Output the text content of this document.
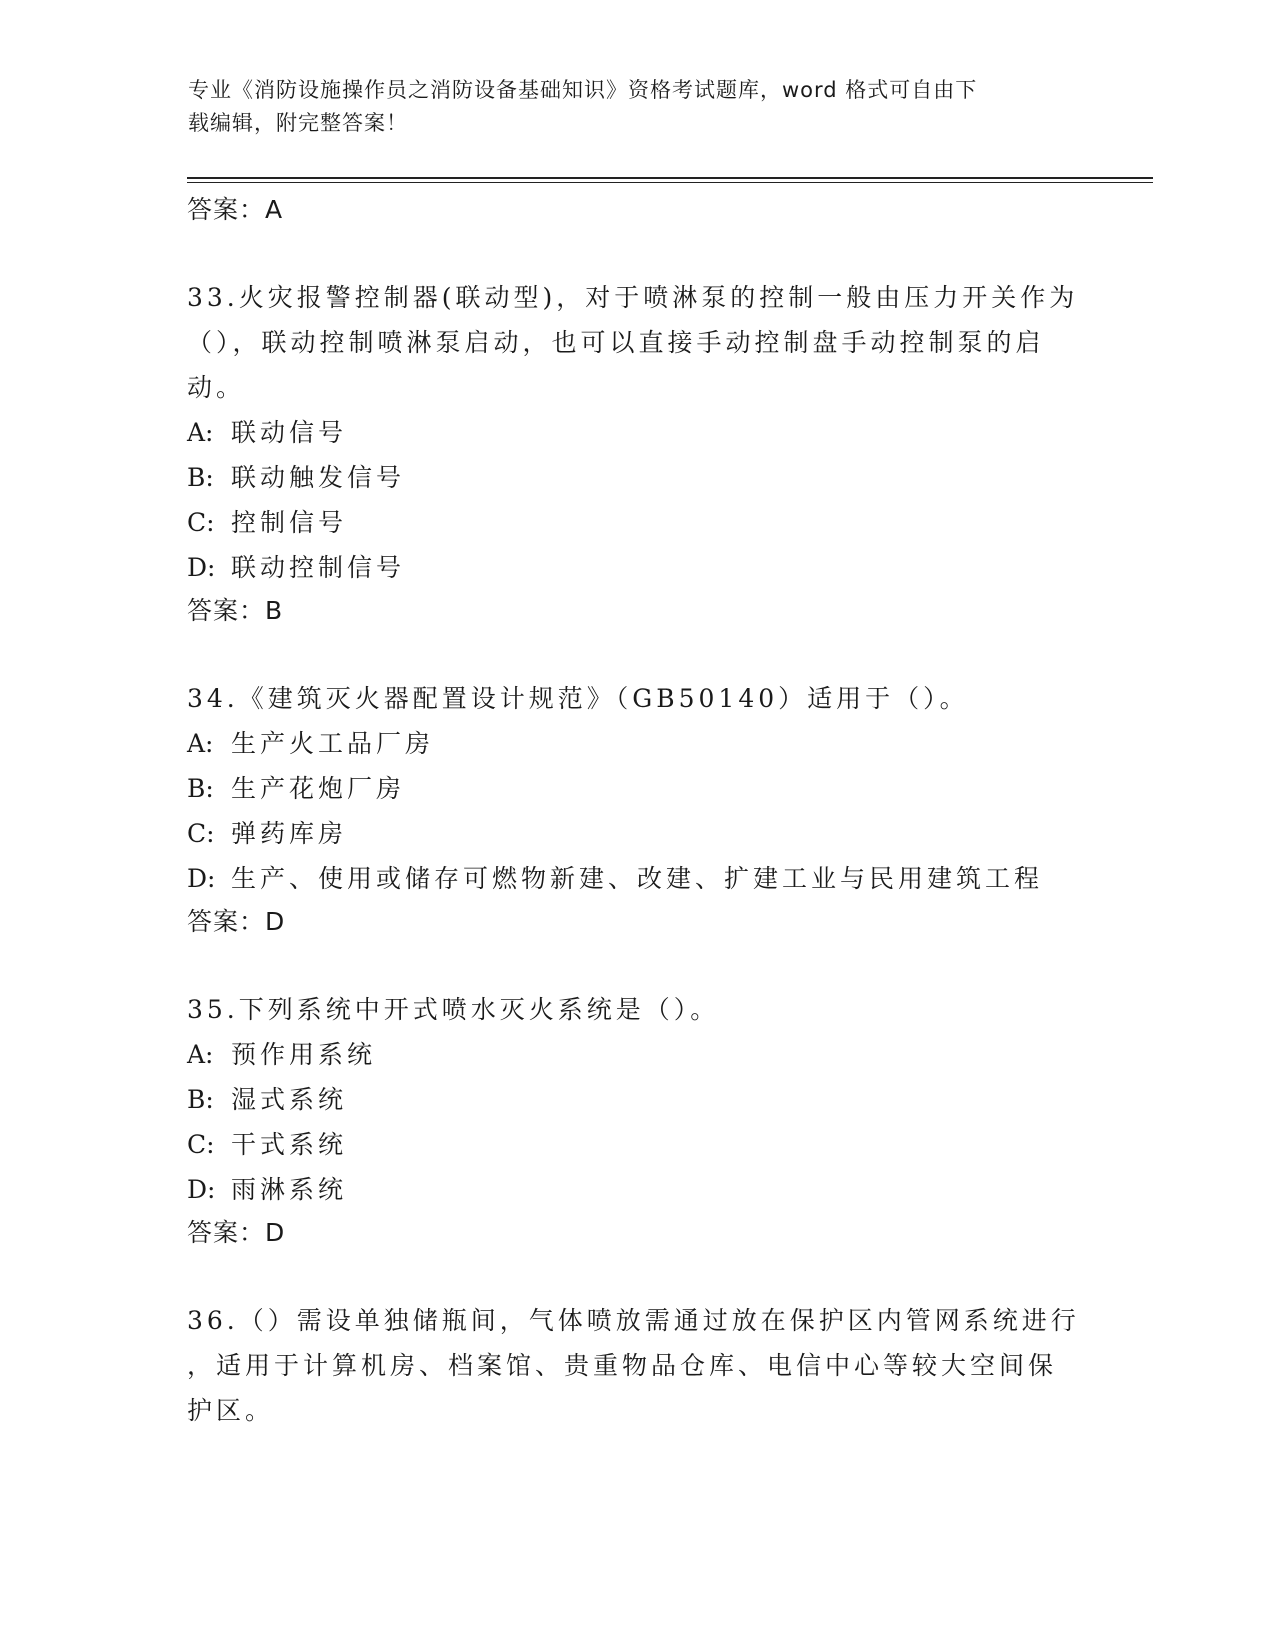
专业《消防设施操作员之消防设备基础知识》资格考试题库，word 格式可自由下
载编辑，附完整答案！

答案：A

33.火灾报警控制器(联动型)，对于喷淋泵的控制一般由压力开关作为

（），联动控制喷淋泵启动，也可以直接手动控制盘手动控制泵的启

动。

A: 联动信号

B: 联动触发信号

C: 控制信号

D: 联动控制信号

答案：B

34.《建筑灭火器配置设计规范》（GB50140）适用于（）。

A: 生产火工品厂房

B: 生产花炮厂房

C: 弹药库房

D: 生产、使用或储存可燃物新建、改建、扩建工业与民用建筑工程

答案：D

35.下列系统中开式喷水灭火系统是（）。

A: 预作用系统

B: 湿式系统

C: 干式系统

D: 雨淋系统

答案：D

36.（）需设单独储瓶间，气体喷放需通过放在保护区内管网系统进行

，适用于计算机房、档案馆、贵重物品仓库、电信中心等较大空间保

护区。
